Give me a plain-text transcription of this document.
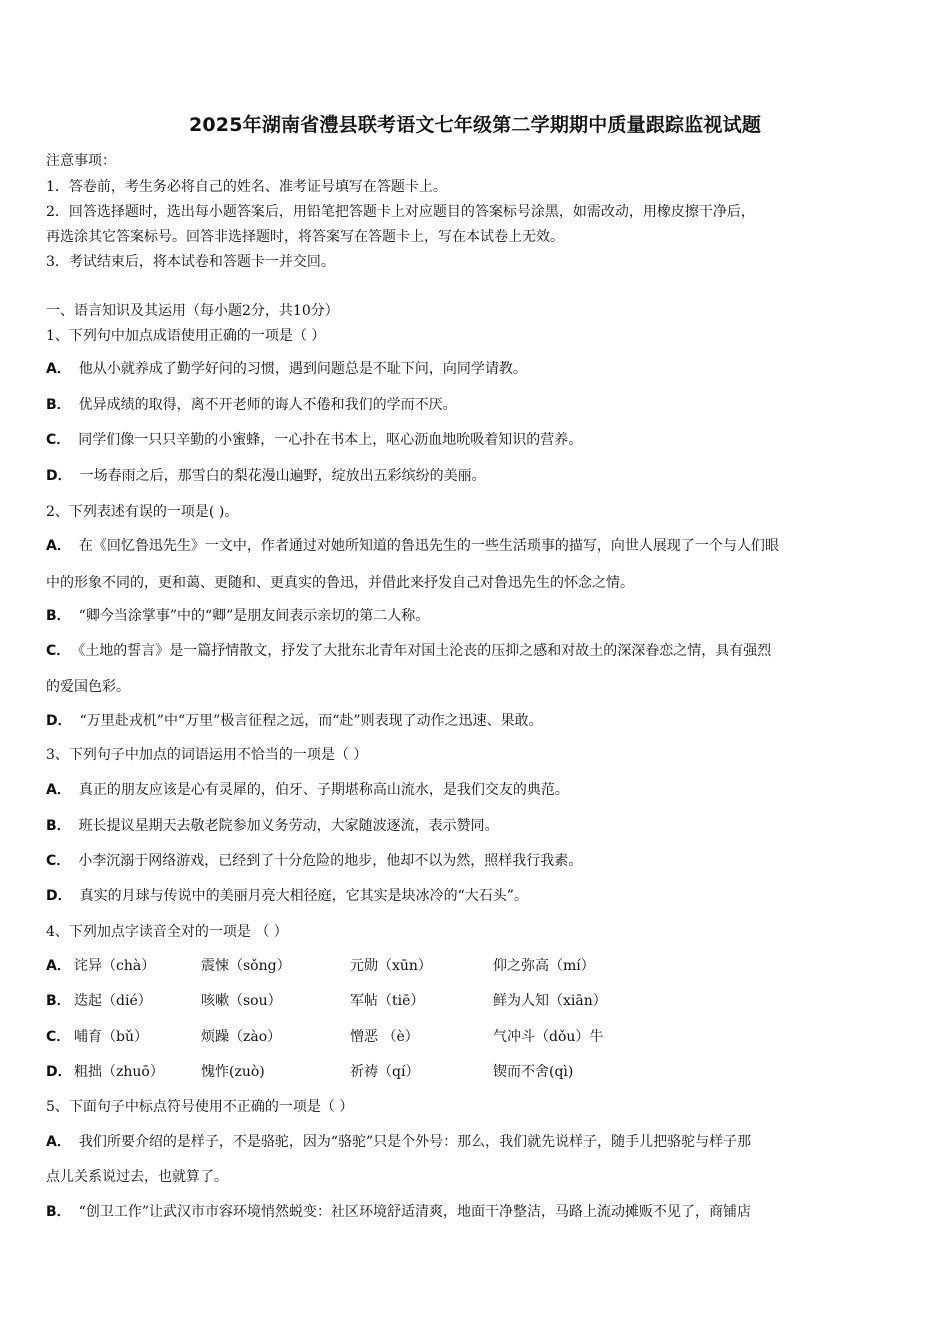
2025年湖南省澧县联考语文七年级第二学期期中质量跟踪监视试题
注意事项：
1．答卷前，考生务必将自己的姓名、准考证号填写在答题卡上。
2．回答选择题时，选出每小题答案后，用铅笔把答题卡上对应题目的答案标号涂黑，如需改动，用橡皮擦干净后，
再选涂其它答案标号。回答非选择题时，将答案写在答题卡上，写在本试卷上无效。
3．考试结束后，将本试卷和答题卡一并交回。
一、语言知识及其运用（每小题2分，共10分）
1、下列句中加点成语使用正确的一项是（ ）
A． 他从小就养成了勤学好问的习惯，遇到问题总是不耻下问，向同学请教。
B． 优异成绩的取得，离不开老师的诲人不倦和我们的学而不厌。
C． 同学们像一只只辛勤的小蜜蜂，一心扑在书本上，呕心沥血地吮吸着知识的营养。
D． 一场春雨之后，那雪白的梨花漫山遍野，绽放出五彩缤纷的美丽。
2、下列表述有误的一项是( )。
A． 在《回忆鲁迅先生》一文中，作者通过对她所知道的鲁迅先生的一些生活琐事的描写，向世人展现了一个与人们眼
中的形象不同的，更和蔼、更随和、更真实的鲁迅，并借此来抒发自己对鲁迅先生的怀念之情。
B． “卿今当涂掌事”中的“卿”是朋友间表示亲切的第二人称。
C． 《土地的誓言》是一篇抒情散文，抒发了大批东北青年对国土沦丧的压抑之感和对故土的深深眷恋之情，具有强烈
的爱国色彩。
D． “万里赴戎机”中“万里”极言征程之远，而“赴”则表现了动作之迅速、果敢。
3、下列句子中加点的词语运用不恰当的一项是（ ）
A． 真正的朋友应该是心有灵犀的，伯牙、子期堪称高山流水，是我们交友的典范。
B． 班长提议星期天去敬老院参加义务劳动，大家随波逐流，表示赞同。
C． 小李沉溺于网络游戏，已经到了十分危险的地步，他却不以为然，照样我行我素。
D． 真实的月球与传说中的美丽月亮大相径庭，它其实是块冰冷的“大石头”。
4、下列加点字读音全对的一项是 （ ）
A． 诧异（chà）	震悚（sǒng）	元勋（xūn）	仰之弥高（mí）
B． 迭起（dié）	咳嗽（sou）	军帖（tiē）	鲜为人知（xiān）
C． 哺育（bǔ）	烦躁（zào）	憎恶 （è）	气冲斗（dǒu）牛
D． 粗拙（zhuō）	愧怍(zuò)	祈祷（qí）	锲而不舍(qì)
5、下面句子中标点符号使用不正确的一项是（ ）
A． 我们所要介绍的是样子，不是骆驼，因为“骆驼”只是个外号：那么，我们就先说样子，随手儿把骆驼与样子那
点儿关系说过去，也就算了。
B． “创卫工作”让武汉市市容环境悄然蜕变：社区环境舒适清爽，地面干净整洁，马路上流动摊贩不见了，商铺店
